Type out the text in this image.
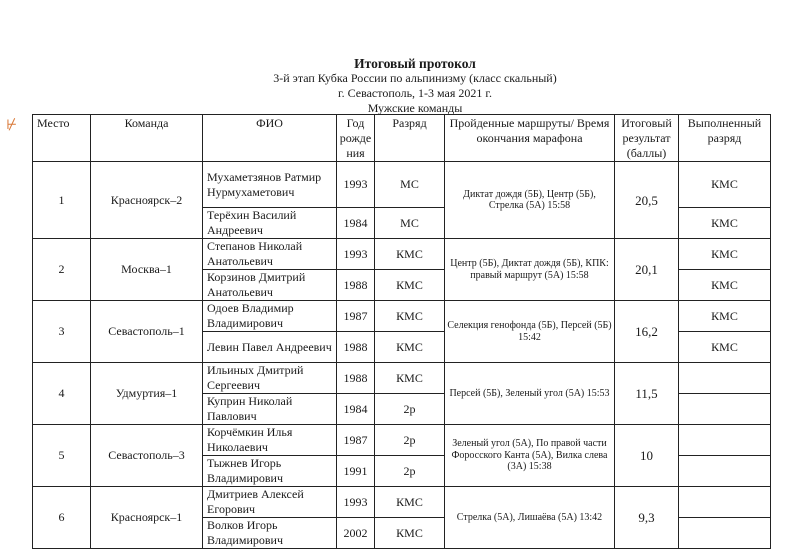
Итоговый протокол
3-й этап Кубка России по альпинизму (класс скальный)
г. Севастополь, 1-3 мая 2021 г.
Мужские команды
⊬ Место	Команда	ФИО	Год рожде ния	Разряд	Пройденные маршруты/ Время окончания марафона	Итоговый результат (баллы)	Выполненный разряд
1	Красноярск–2	Мухаметзянов Ратмир Нурмухаметович	1993	МС	Диктат дождя (5Б), Центр (5Б), Стрелка (5А) 15:58	20,5	КМС
		Терёхин Василий Андреевич	1984	МС			КМС
2	Москва–1	Степанов Николай Анатольевич	1993	КМС	Центр (5Б), Диктат дождя (5Б), КПК: правый маршрут (5А) 15:58	20,1	КМС
		Корзинов Дмитрий Анатольевич	1988	КМС			КМС
3	Севастополь–1	Одоев Владимир Владимирович	1987	КМС	Селекция генофонда (5Б), Персей (5Б) 15:42	16,2	КМС
		Левин Павел Андреевич	1988	КМС			КМС
4	Удмуртия–1	Ильиных Дмитрий Сергеевич	1988	КМС	Персей (5Б), Зеленый угол (5А) 15:53	11,5	
		Куприн Николай Павлович	1984	2р			
5	Севастополь–3	Корчёмкин Илья Николаевич	1987	2р	Зеленый угол (5А), По правой части Форосского Канта (5А), Вилка слева (3А) 15:38	10	
		Тыжнев Игорь Владимирович	1991	2р			
6	Красноярск–1	Дмитриев Алексей Егорович	1993	КМС	Стрелка (5А), Лишаёва (5А) 13:42	9,3	
		Волков Игорь Владимирович	2002	КМС			
